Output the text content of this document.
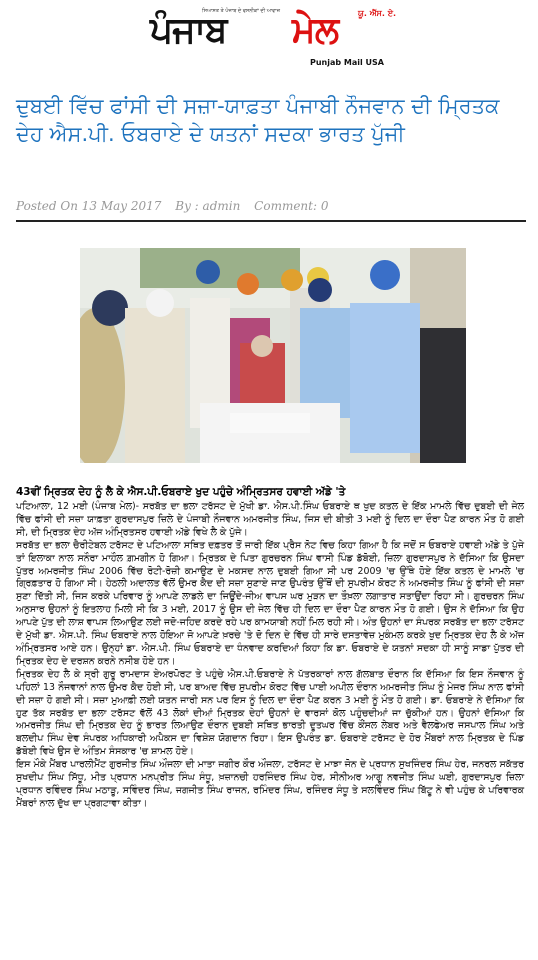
ਪੰਜਾਬ
ਸਿਆਸਤ ਤੇ ਪੰਜਾਬ ਦੇ ਵਸਨੀਕਾਂ ਦੀ ਆਵਾਜ਼ ਮੇਲ ਯੂ. ਐੱਸ. ਏ.
Punjab Mail USA
ਦੁਬਈ ਵਿੱਚ ਫਾਂਸੀ ਦੀ ਸਜ਼ਾ-ਯਾਫ਼ਤਾ ਪੰਜਾਬੀ ਨੌਜਵਾਨ ਦੀ ਮ੍ਰਿਤਕ ਦੇਹ ਐਸ.ਪੀ. ਓਬਰਾਏ ਦੇ ਯਤਨਾਂ ਸਦਕਾ ਭਾਰਤ ਪੁੱਜੀ
Posted On 13 May 2017 By : admin Comment: 0
43ਵੀਂ ਮ੍ਰਿਤਕ ਦੇਹ ਨੂੰ ਲੈ ਕੇ ਐਸ.ਪੀ.ਓਬਰਾਏ ਖੁਦ ਪਹੁੰਚੇ ਅੰਮ੍ਰਿਤਸਰ ਹਵਾਈ ਅੱਡੇ 'ਤੇ

ਪਟਿਆਲਾ, 12 ਮਈ (ਪੰਜਾਬ ਮੇਲ)- ਸਰਬੱਤ ਦਾ ਭਲਾ ਟਰੱਸਟ ਦੇ ਮੁੱਖੀ ਡਾ. ਐਸ.ਪੀ.ਸਿੰਘ ਓਬਰਾਏ ਥ ਖੁਦ ਕਤਲ ਦੇ ਇੱਕ ਮਾਮਲੇ ਵਿੱਚ ਦੁਬਈ ਦੀ ਜੇਲ ਵਿੱਚ ਫਾਂਸੀ ਦੀ ਸਜ਼ਾ ਯਾਫ਼ਤਾ ਗੁਰਦਾਸਪੁਰ ਜ਼ਿਲੇ ਦੇ ਪੰਜਾਬੀ ਨੌਜਵਾਨ ਅਮਰਜੀਤ ਸਿੰਘ, ਜਿਸ ਦੀ ਬੀਤੀ 3 ਮਈ ਨੂੰ ਦਿਲ ਦਾ ਦੌਰਾ ਪੈਣ ਕਾਰਨ ਮੌਤ ਹੋ ਗਈ ਸੀ, ਦੀ ਮ੍ਰਿਤਕ ਦੇਹ ਅੱਜ ਅੰਮ੍ਰਿਤਸਰ ਹਵਾਈ ਅੱਡੇ ਵਿਖੇ ਲੈ ਕੇ ਪੁੱਜੇ।

ਸਰਬੱਤ ਦਾ ਭਲਾ ਚੈਰੀਟੇਬਲ ਟਰੱਸਟ ਦੇ ਪਟਿਆਲਾ ਸਥਿਤ ਦਫ਼ਤਰ ਤੋਂ ਜਾਰੀ ਇੱਕ ਪ੍ਰੈਸ ਨੋਟ ਵਿਚ ਕਿਹਾ ਗਿਆ ਹੈ ਕਿ ਜਦੋਂ ਸ ਓਬਰਾਏ ਹਵਾਈ ਅੱਡੇ ਤੇ ਪੁੱਜੇ ਤਾਂ ਇਲਾਕਾ ਨਾਲ ਸਨੌਰਾ ਮਾਹੌਲ ਗ਼ਮਗੀਨ ਹੋ ਗਿਆ। ਮ੍ਰਿਤਕ ਦੇ ਪਿਤਾ ਗੁਰਚਰਨ ਸਿੰਘ ਵਾਸੀ ਪਿੰਡ ਡੱਬੋਈ, ਜ਼ਿਲਾ ਗੁਰਦਾਸਪੁਰ ਨੇ ਦੱਸਿਆ ਕਿ ਉਸਦਾ ਪੁੱਤਰ ਅਮਰਜੀਤ ਸਿੰਘ 2006 ਵਿੱਚ ਰੋਟੀ-ਰੋਜ਼ੀ ਕਮਾਉਣ ਦੇ ਮਕਸਦ ਨਾਲ ਦੁਬਈ ਗਿਆ ਸੀ ਪਰ 2009 'ਚ ਉੱਥੇ ਹੋਏ ਇੱਕ ਕਤਲ ਦੇ ਮਾਮਲੇ 'ਚ ਗ੍ਰਿਫ਼ਤਾਰ ਹੋ ਗਿਆ ਸੀ। ਹੇਠਲੀ ਅਦਾਲਤ ਵੱਲੋਂ ਉਮਰ ਕੈਦ ਦੀ ਸਜ਼ਾ ਸੁਣਾਏ ਜਾਣ ਉਪਰੰਤ ਉੱਥੋਂ ਦੀ ਸੁਪਰੀਮ ਕੋਰਟ ਨੇ ਅਮਰਜੀਤ ਸਿੰਘ ਨੂੰ ਫਾਂਸੀ ਦੀ ਸਜ਼ਾ ਸੁਣਾ ਦਿੱਤੀ ਸੀ, ਜਿਸ ਕਰਕੇ ਪਰਿਵਾਰ ਨੂੰ ਆਪਣੇ ਲਾਡਲੇ ਦਾ ਜਿਊਂਦੇ-ਜੀਅ ਵਾਪਸ ਘਰ ਮੁੜਨ ਦਾ ਤੌਖ਼ਲਾ ਲਗਾਤਾਰ ਸਤਾਉਂਦਾ ਰਿਹਾ ਸੀ। ਗੁਰਚਰਨ ਸਿੰਘ ਅਨੁਸਾਰ ਉਹਨਾਂ ਨੂੰ ਇਤਲਾਹ ਮਿਲੀ ਸੀ ਕਿ 3 ਮਈ, 2017 ਨੂੰ ਉਸ ਦੀ ਜੇਲ ਵਿੱਚ ਹੀ ਦਿਲ ਦਾ ਦੌਰਾ ਪੈਣ ਕਾਰਨ ਮੌਤ ਹੋ ਗਈ। ਉਸ ਨੇ ਦੱਸਿਆ ਕਿ ਉਹ ਆਪਣੇ ਪੁੱਤ ਦੀ ਲਾਸ਼ ਵਾਪਸ ਲਿਆਉਣ ਲਈ ਜਦੋ-ਜਹਿਦ ਕਰਦੇ ਰਹੇ ਪਰ ਕਾਮਯਾਬੀ ਨਹੀਂ ਮਿਲ ਰਹੀ ਸੀ। ਅੰਤ ਉਹਨਾਂ ਦਾ ਸੰਪਰਕ ਸਰਬੱਤ ਦਾ ਭਲਾ ਟਰੱਸਟ ਦੇ ਮੁੱਖੀ ਡਾ. ਐਸ.ਪੀ. ਸਿੰਘ ਓਬਰਾਏ ਨਾਲ ਹੋਇਆ ਜੋ ਆਪਣੇ ਖ਼ਰਚੇ 'ਤੇ ਦੋ ਦਿਨ ਦੇ ਵਿੱਚ ਹੀ ਸਾਰੇ ਦਸਤਾਵੇਜ਼ ਮੁਕੰਮਲ ਕਰਕੇ ਖੁਦ ਮ੍ਰਿਤਕ ਦੇਹ ਲੈ ਕੇ ਅੱਜ ਅੰਮ੍ਰਿਤਸਰ ਆਏ ਹਨ। ਉਨ੍ਹਾਂ ਡਾ. ਐਸ.ਪੀ. ਸਿੰਘ ਓਬਰਾਏ ਦਾ ਧੰਨਵਾਦ ਕਰਦਿਆਂ ਕਿਹਾ ਕਿ ਡਾ. ਓਬਰਾਏ ਦੇ ਯਤਨਾਂ ਸਦਕਾ ਹੀ ਸਾਨੂੰ ਸਾਡਾ ਪੁੱਤਰ ਦੀ ਮ੍ਰਿਤਕ ਦੇਹ ਦੇ ਦਰਸ਼ਨ ਕਰਨੇ ਨਸੀਬ ਹੋਏ ਹਨ।

ਮ੍ਰਿਤਕ ਦੇਹ ਲੈ ਕੇ ਸ੍ਰੀ ਗੁਰੂ ਰਾਮਦਾਸ ਏਅਰਪੋਰਟ ਤੇ ਪਹੁੰਚੇ ਐਸ.ਪੀ.ਓਬਰਾਏ ਨੇ ਪੱਤਰਕਾਰਾਂ ਨਾਲ ਗੱਲਬਾਤ ਦੌਰਾਨ ਕਿ ਦੱਸਿਆ ਕਿ ਇਸ ਨੌਜਵਾਨ ਨੂੰ ਪਹਿਲਾਂ 13 ਨੌਜਵਾਨਾਂ ਨਾਲ ਉਮਰ ਕੈਦ ਹੋਈ ਸੀ, ਪਰ ਬਾਅਦ ਵਿੱਚ ਸੁਪਰੀਮ ਕੋਰਟ ਵਿੱਚ ਪਾਈ ਅਪੀਲ ਦੌਰਾਨ ਅਮਰਜੀਤ ਸਿੰਘ ਨੂੰ ਮੇਜਰ ਸਿੰਘ ਨਾਲ ਫਾਂਸੀ ਦੀ ਸਜ਼ਾ ਹੋ ਗਈ ਸੀ। ਸਜ਼ਾ ਮੁਆਫ਼ੀ ਲਈ ਯਤਨ ਜਾਰੀ ਸਨ ਪਰ ਇਸ ਨੂੰ ਦਿਲ ਦਾ ਦੌਰਾ ਪੈਣ ਕਰਨ 3 ਮਈ ਨੂੰ ਮੌਤ ਹੋ ਗਈ। ਡਾ. ਓਬਰਾਏ ਨੇ ਦੱਸਿਆ ਕਿ ਹੁਣ ਤੱਕ ਸਰਬੱਤ ਦਾ ਭਲਾ ਟਰੱਸਟ ਵੱਲੋਂ 43 ਲੋਕਾਂ ਦੀਆਂ ਮ੍ਰਿਤਕ ਦੇਹਾਂ ਉਹਨਾਂ ਦੇ ਵਾਰਸਾਂ ਕੋਲ ਪਹੁੰਚਦੀਆਂ ਜਾ ਚੁੱਕੀਆਂ ਹਨ। ਉਹਨਾਂ ਦੱਸਿਆ ਕਿ ਅਮਰਜੀਤ ਸਿੰਘ ਦੀ ਮ੍ਰਿਤਕ ਦੇਹ ਨੂੰ ਭਾਰਤ ਲਿਆਉਣ ਦੌਰਾਨ ਦੁਬਈ ਸਥਿਤ ਭਾਰਤੀ ਦੂਤਘਰ ਵਿੱਚ ਕੌਂਸਲ ਲੇਬਰ ਅਤੇ ਵੈਲਫੇਅਰ ਜਸਪਾਲ ਸਿੰਘ ਅਤੇ ਬਲਦੀਪ ਸਿੰਘ ਦੇਵ ਸੰਪਰਕ ਅਧਿਕਾਰੀ ਅਪੈਕਸ ਦਾ ਵਿਸ਼ੇਸ਼ ਯੋਗਦਾਨ ਰਿਹਾ। ਇਸ ਉਪਰੰਤ ਡਾ. ਓਬਰਾਏ ਟਰੱਸਟ ਦੇ ਹੋਰ ਮੈਂਬਰਾਂ ਨਾਲ ਮ੍ਰਿਤਕ ਦੇ ਪਿੰਡ ਡੱਬੋਈ ਵਿਖੇ ਉਸ ਦੇ ਅੰਤਿਮ ਸੰਸਕਾਰ 'ਚ ਸ਼ਾਮਲ ਹੋਏ।

ਇਸ ਮੌਕੇ ਮੈਂਬਰ ਪਾਰਲੀਮੈਂਟ ਗੁਰਜੀਤ ਸਿੰਘ ਔਜਲਾ ਦੀ ਮਾਤਾ ਜਗੀਰ ਕੌਰ ਔਜਲਾ, ਟਰੱਸਟ ਦੇ ਮਾਝਾ ਜੋਨ ਦੇ ਪ੍ਰਧਾਨ ਸੁਖਜਿੰਦਰ ਸਿੰਘ ਹੇਰ, ਜਨਰਲ ਸਕੱਤਰ ਸੁਖਦੀਪ ਸਿੰਘ ਸਿੱਧੂ, ਮੀਤ ਪ੍ਰਧਾਨ ਮਨਪ੍ਰੀਤ ਸਿੰਘ ਸੰਧੂ, ਖ਼ਜ਼ਾਨਚੀ ਹਰਜਿੰਦਰ ਸਿੰਘ ਹੇਰ, ਸੀਨੀਅਰ ਆਗੂ ਨਵਜੀਤ ਸਿੰਘ ਘਈ, ਗੁਰਦਾਸਪੁਰ ਜ਼ਿਲਾ ਪ੍ਰਧਾਨ ਰਵਿੰਦਰ ਸਿੰਘ ਮਠਾੜੂ, ਸਵਿੰਦਰ ਸਿੰਘ, ਜਗਜੀਤ ਸਿੰਘ ਰਾਜਨ, ਰਮਿੰਦਰ ਸਿੰਘ, ਰਜਿੰਦਰ ਸੰਧੂ ਤੇ ਸਲਵਿੰਦਰ ਸਿੰਘ ਬਿੱਟੂ ਨੇ ਵੀ ਪਹੁੰਚ ਕੇ ਪਰਿਵਾਰਕ ਮੈਂਬਰਾਂ ਨਾਲ ਦੁੱਖ ਦਾ ਪ੍ਰਗਟਾਵਾ ਕੀਤਾ।
